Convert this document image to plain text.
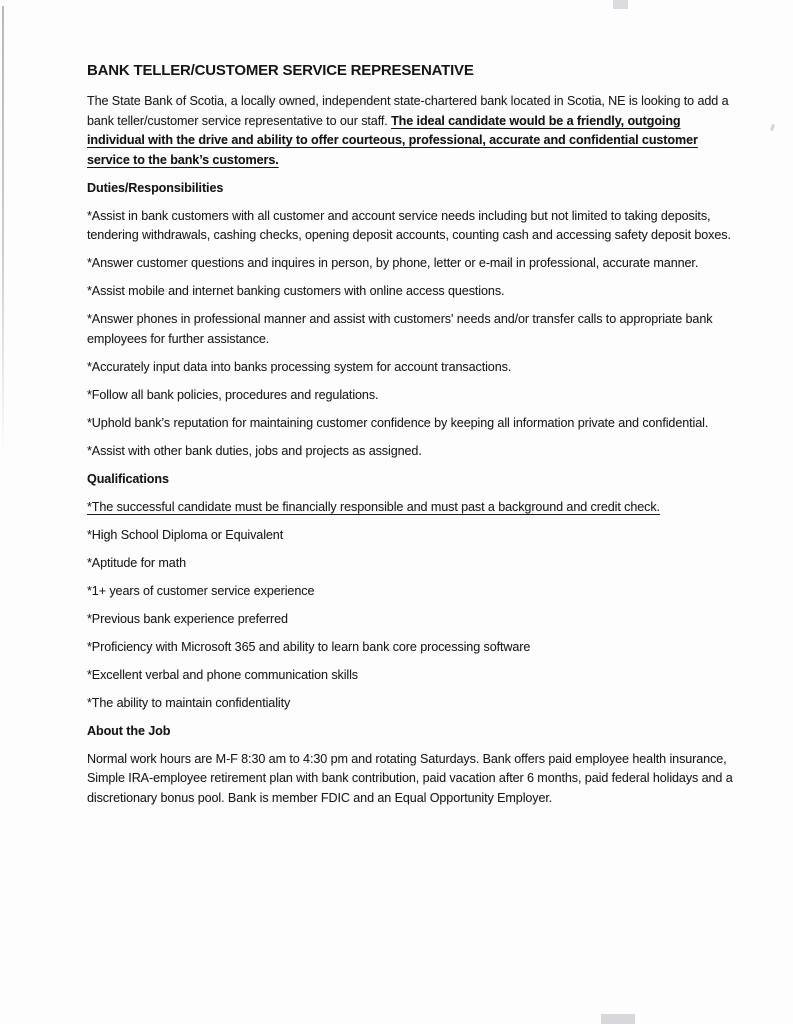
BANK TELLER/CUSTOMER SERVICE REPRESENATIVE

The State Bank of Scotia, a locally owned, independent state-chartered bank located in Scotia, NE is looking to add a bank teller/customer service representative to our staff. The ideal candidate would be a friendly, outgoing individual with the drive and ability to offer courteous, professional, accurate and confidential customer service to the bank’s customers.

Duties/Responsibilities

*Assist in bank customers with all customer and account service needs including but not limited to taking deposits, tendering withdrawals, cashing checks, opening deposit accounts, counting cash and accessing safety deposit boxes.

*Answer customer questions and inquires in person, by phone, letter or e-mail in professional, accurate manner.

*Assist mobile and internet banking customers with online access questions.

*Answer phones in professional manner and assist with customers' needs and/or transfer calls to appropriate bank employees for further assistance.

*Accurately input data into banks processing system for account transactions.

*Follow all bank policies, procedures and regulations.

*Uphold bank’s reputation for maintaining customer confidence by keeping all information private and confidential.

*Assist with other bank duties, jobs and projects as assigned.

Qualifications

*The successful candidate must be financially responsible and must past a background and credit check.

*High School Diploma or Equivalent

*Aptitude for math

*1+ years of customer service experience

*Previous bank experience preferred

*Proficiency with Microsoft 365 and ability to learn bank core processing software

*Excellent verbal and phone communication skills

*The ability to maintain confidentiality

About the Job

Normal work hours are M-F 8:30 am to 4:30 pm and rotating Saturdays. Bank offers paid employee health insurance, Simple IRA-employee retirement plan with bank contribution, paid vacation after 6 months, paid federal holidays and a discretionary bonus pool. Bank is member FDIC and an Equal Opportunity Employer.
